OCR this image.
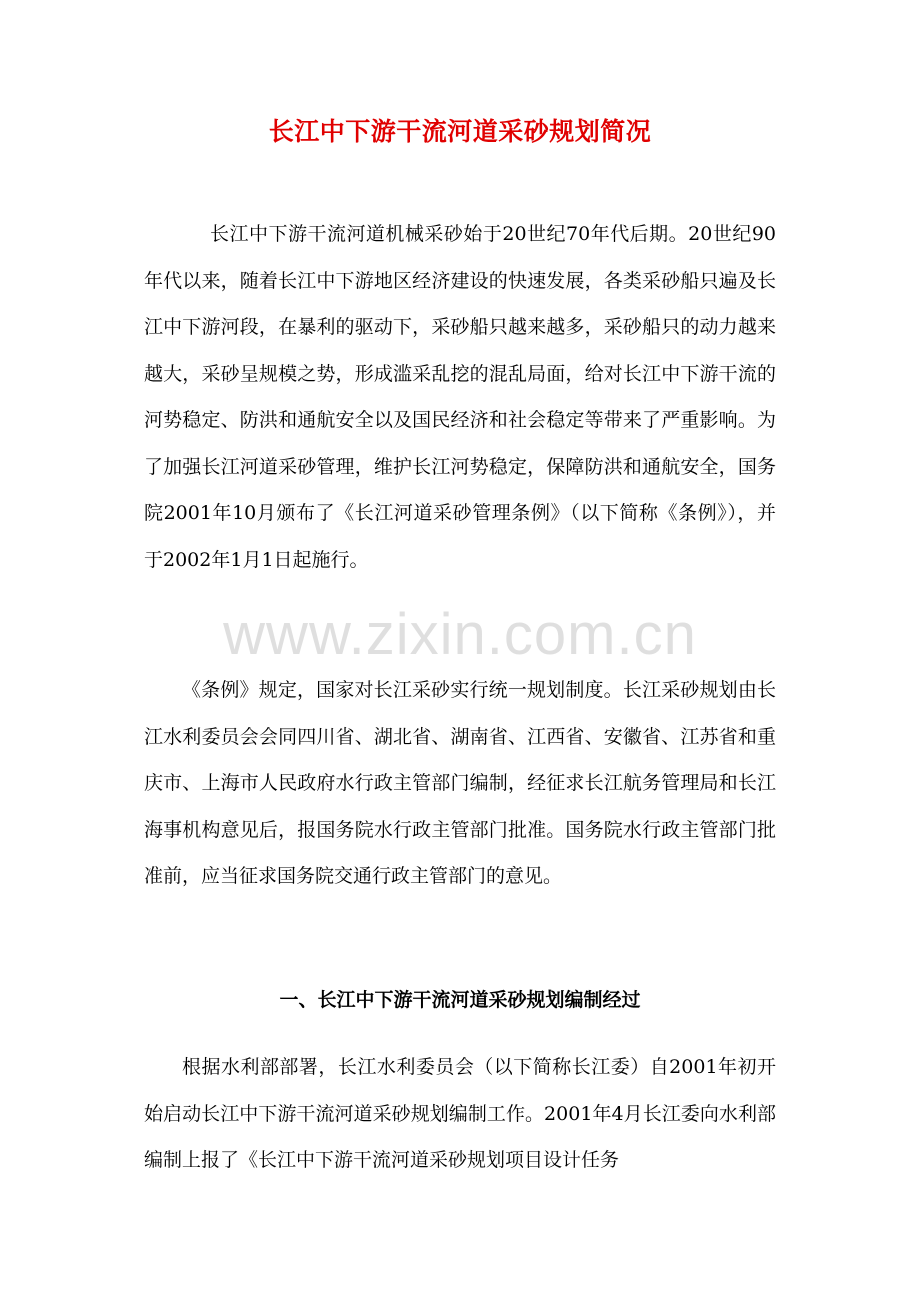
长江中下游干流河道采砂规划简况

长江中下游干流河道机械采砂始于20世纪70年代后期。20世纪90年代以来，随着长江中下游地区经济建设的快速发展，各类采砂船只遍及长江中下游河段，在暴利的驱动下，采砂船只越来越多，采砂船只的动力越来越大，采砂呈规模之势，形成滥采乱挖的混乱局面，给对长江中下游干流的河势稳定、防洪和通航安全以及国民经济和社会稳定等带来了严重影响。为了加强长江河道采砂管理，维护长江河势稳定，保障防洪和通航安全，国务院2001年10月颁布了《长江河道采砂管理条例》（以下简称《条例》），并于2002年1月1日起施行。

www.zixin.com.cn

《条例》规定，国家对长江采砂实行统一规划制度。长江采砂规划由长江水利委员会会同四川省、湖北省、湖南省、江西省、安徽省、江苏省和重庆市、上海市人民政府水行政主管部门编制，经征求长江航务管理局和长江海事机构意见后，报国务院水行政主管部门批准。国务院水行政主管部门批准前，应当征求国务院交通行政主管部门的意见。

一、长江中下游干流河道采砂规划编制经过

根据水利部部署，长江水利委员会（以下简称长江委）自2001年初开始启动长江中下游干流河道采砂规划编制工作。2001年4月长江委向水利部编制上报了《长江中下游干流河道采砂规划项目设计任务
